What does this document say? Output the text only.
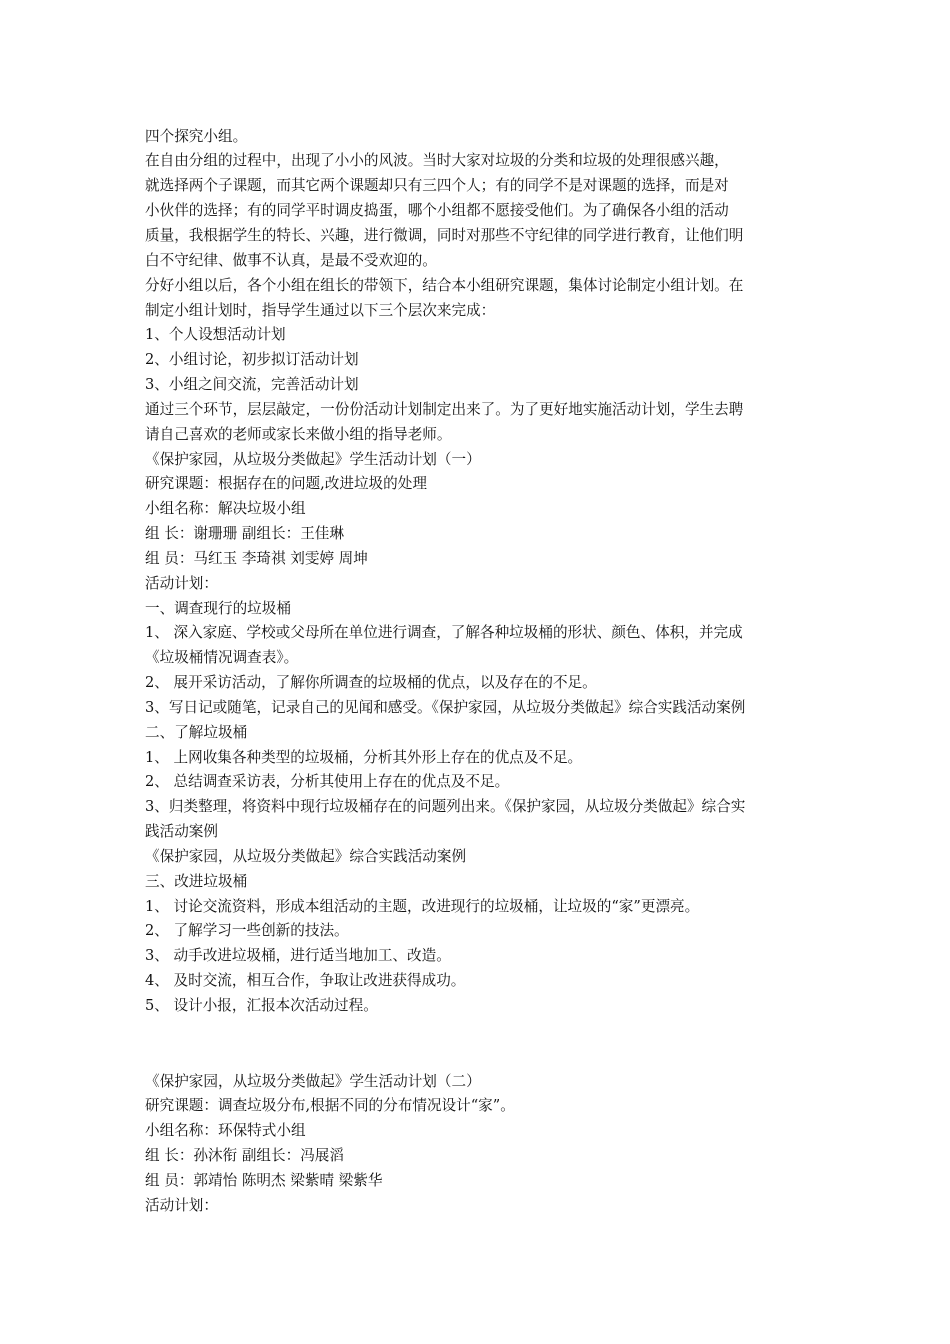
四个探究小组。
在自由分组的过程中，出现了小小的风波。当时大家对垃圾的分类和垃圾的处理很感兴趣，
就选择两个子课题，而其它两个课题却只有三四个人；有的同学不是对课题的选择，而是对
小伙伴的选择；有的同学平时调皮捣蛋，哪个小组都不愿接受他们。为了确保各小组的活动
质量，我根据学生的特长、兴趣，进行微调，同时对那些不守纪律的同学进行教育，让他们明
白不守纪律、做事不认真，是最不受欢迎的。
分好小组以后，各个小组在组长的带领下，结合本小组研究课题，集体讨论制定小组计划。在
制定小组计划时，指导学生通过以下三个层次来完成：
1、个人设想活动计划
2、小组讨论，初步拟订活动计划
3、小组之间交流，完善活动计划
通过三个环节，层层敲定，一份份活动计划制定出来了。为了更好地实施活动计划，学生去聘
请自己喜欢的老师或家长来做小组的指导老师。
《保护家园，从垃圾分类做起》学生活动计划（一）
研究课题：根据存在的问题,改进垃圾的处理
小组名称：解决垃圾小组
组 长：谢珊珊 副组长：王佳琳
组 员：马红玉 李琦祺 刘雯婷 周坤
活动计划：
一、调查现行的垃圾桶
1、 深入家庭、学校或父母所在单位进行调查，了解各种垃圾桶的形状、颜色、体积，并完成
《垃圾桶情况调查表》。
2、 展开采访活动，了解你所调查的垃圾桶的优点，以及存在的不足。
3、写日记或随笔，记录自己的见闻和感受。《保护家园，从垃圾分类做起》综合实践活动案例
二、了解垃圾桶
1、 上网收集各种类型的垃圾桶，分析其外形上存在的优点及不足。
2、 总结调查采访表，分析其使用上存在的优点及不足。
3、归类整理，将资料中现行垃圾桶存在的问题列出来。《保护家园，从垃圾分类做起》综合实
践活动案例
《保护家园，从垃圾分类做起》综合实践活动案例
三、改进垃圾桶
1、 讨论交流资料，形成本组活动的主题，改进现行的垃圾桶，让垃圾的“家”更漂亮。
2、 了解学习一些创新的技法。
3、 动手改进垃圾桶，进行适当地加工、改造。
4、 及时交流，相互合作，争取让改进获得成功。
5、 设计小报，汇报本次活动过程。
《保护家园，从垃圾分类做起》学生活动计划（二）
研究课题：调查垃圾分布,根据不同的分布情况设计“家”。
小组名称：环保特式小组
组 长：孙沐衔 副组长：冯展滔
组 员：郭靖怡 陈明杰 梁紫晴 梁紫华
活动计划：
